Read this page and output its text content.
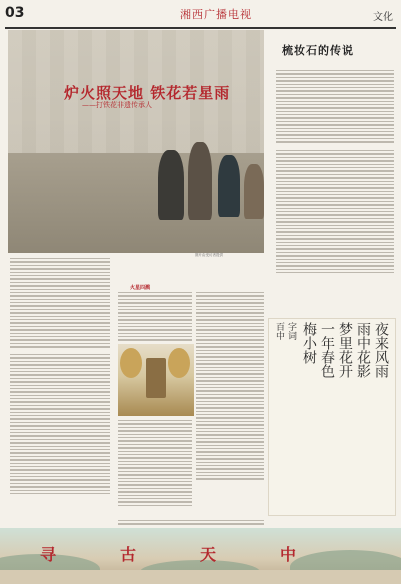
03	湘西广播电视	文化
炉火照天地 铁花若星雨
——打铁花非遗传承人
图片由受访者提供
梳妆石的传说
火星四溅
夜来风雨
雨中花影
梦里花开
一年春色
梅小树
字词
百中
寻	古	天	中
